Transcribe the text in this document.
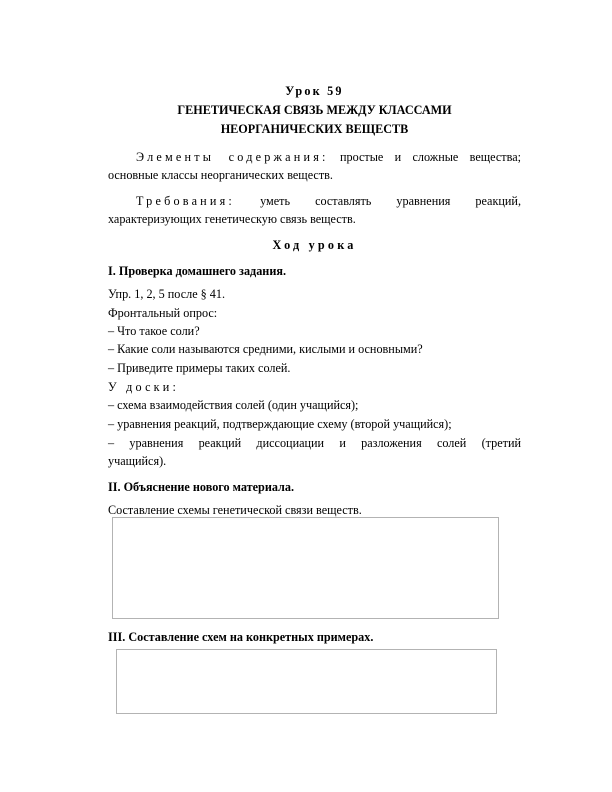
Урок 59
ГЕНЕТИЧЕСКАЯ СВЯЗЬ МЕЖДУ КЛАССАМИ
НЕОРГАНИЧЕСКИХ ВЕЩЕСТВ
Элементы содержания: простые и сложные вещества;
основные классы неорганических веществ.
Требования: уметь составлять уравнения реакций,
характеризующих генетическую связь веществ.
Ход урока
I. Проверка домашнего задания.
Упр. 1, 2, 5 после § 41.
Фронтальный опрос:
– Что такое соли?
– Какие соли называются средними, кислыми и основными?
– Приведите примеры таких солей.
У доски:
– схема взаимодействия солей (один учащийся);
– уравнения реакций, подтверждающие схему (второй учащийся);
– уравнения реакций диссоциации и разложения солей (третий
учащийся).
II. Объяснение нового материала.
Составление схемы генетической связи веществ.
III. Составление схем на конкретных примерах.
